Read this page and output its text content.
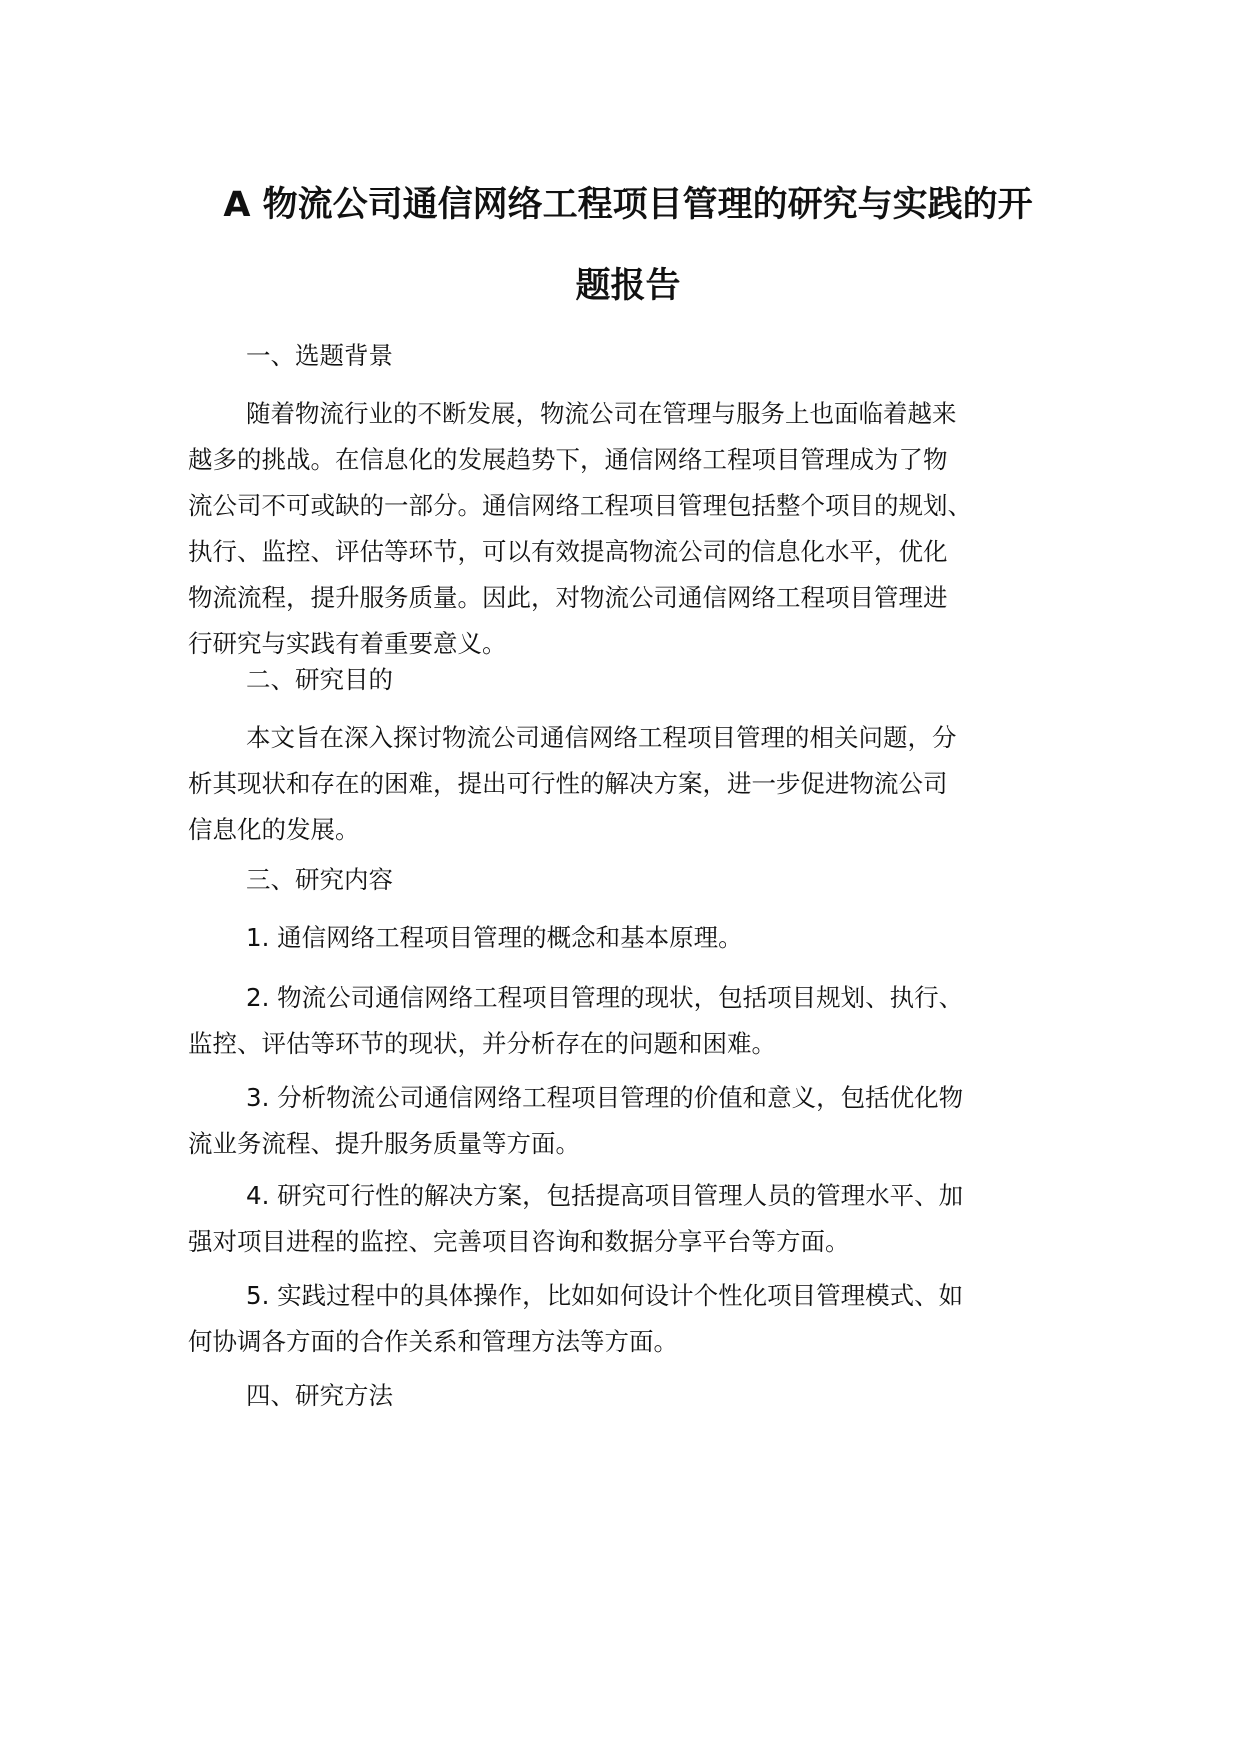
A 物流公司通信网络工程项目管理的研究与实践的开
题报告
一、选题背景
随着物流行业的不断发展，物流公司在管理与服务上也面临着越来
越多的挑战。在信息化的发展趋势下，通信网络工程项目管理成为了物
流公司不可或缺的一部分。通信网络工程项目管理包括整个项目的规划、
执行、监控、评估等环节，可以有效提高物流公司的信息化水平，优化
物流流程，提升服务质量。因此，对物流公司通信网络工程项目管理进
行研究与实践有着重要意义。
二、研究目的
本文旨在深入探讨物流公司通信网络工程项目管理的相关问题，分
析其现状和存在的困难，提出可行性的解决方案，进一步促进物流公司
信息化的发展。
三、研究内容
1. 通信网络工程项目管理的概念和基本原理。
2. 物流公司通信网络工程项目管理的现状，包括项目规划、执行、
监控、评估等环节的现状，并分析存在的问题和困难。
3. 分析物流公司通信网络工程项目管理的价值和意义，包括优化物
流业务流程、提升服务质量等方面。
4. 研究可行性的解决方案，包括提高项目管理人员的管理水平、加
强对项目进程的监控、完善项目咨询和数据分享平台等方面。
5. 实践过程中的具体操作，比如如何设计个性化项目管理模式、如
何协调各方面的合作关系和管理方法等方面。
四、研究方法
